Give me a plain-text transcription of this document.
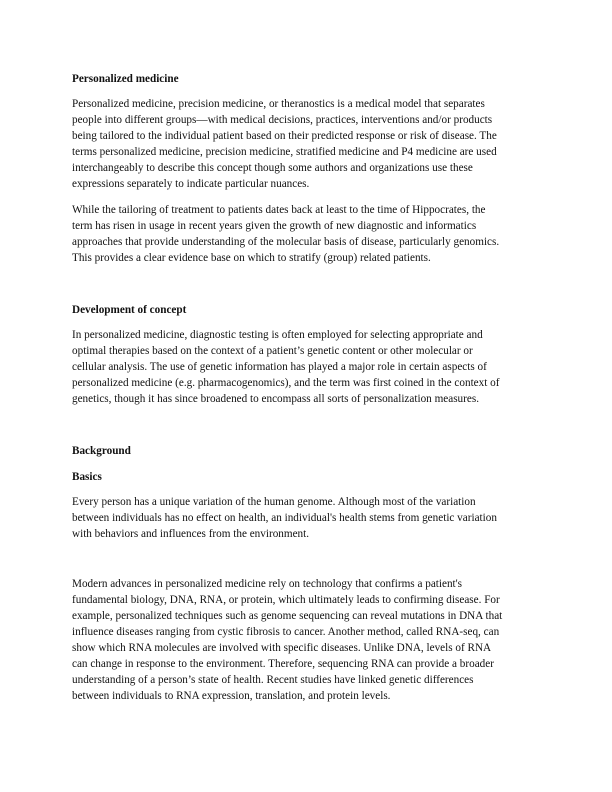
Personalized medicine
Personalized medicine, precision medicine, or theranostics is a medical model that separates
people into different groups—with medical decisions, practices, interventions and/or products
being tailored to the individual patient based on their predicted response or risk of disease. The
terms personalized medicine, precision medicine, stratified medicine and P4 medicine are used
interchangeably to describe this concept though some authors and organizations use these
expressions separately to indicate particular nuances.
While the tailoring of treatment to patients dates back at least to the time of Hippocrates, the
term has risen in usage in recent years given the growth of new diagnostic and informatics
approaches that provide understanding of the molecular basis of disease, particularly genomics.
This provides a clear evidence base on which to stratify (group) related patients.
Development of concept
In personalized medicine, diagnostic testing is often employed for selecting appropriate and
optimal therapies based on the context of a patient’s genetic content or other molecular or
cellular analysis. The use of genetic information has played a major role in certain aspects of
personalized medicine (e.g. pharmacogenomics), and the term was first coined in the context of
genetics, though it has since broadened to encompass all sorts of personalization measures.
Background
Basics
Every person has a unique variation of the human genome. Although most of the variation
between individuals has no effect on health, an individual's health stems from genetic variation
with behaviors and influences from the environment.
Modern advances in personalized medicine rely on technology that confirms a patient's
fundamental biology, DNA, RNA, or protein, which ultimately leads to confirming disease. For
example, personalized techniques such as genome sequencing can reveal mutations in DNA that
influence diseases ranging from cystic fibrosis to cancer. Another method, called RNA-seq, can
show which RNA molecules are involved with specific diseases. Unlike DNA, levels of RNA
can change in response to the environment. Therefore, sequencing RNA can provide a broader
understanding of a person’s state of health. Recent studies have linked genetic differences
between individuals to RNA expression, translation, and protein levels.
